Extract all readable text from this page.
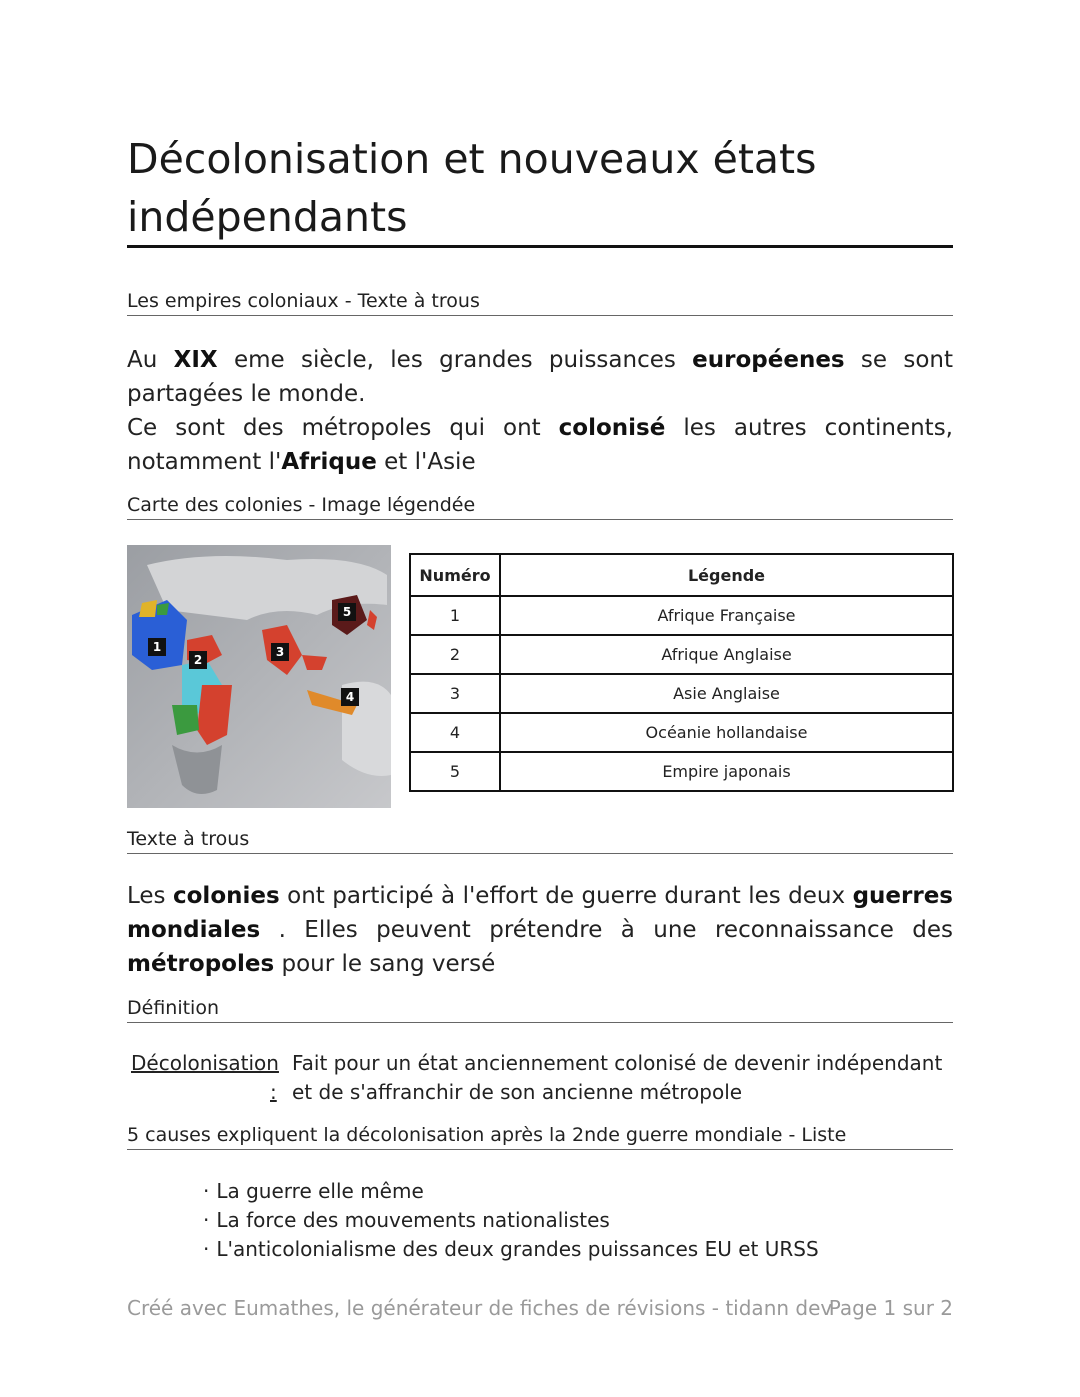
Décolonisation et nouveaux états indépendants
Les empires coloniaux - Texte à trous
Au XIX eme siècle, les grandes puissances européenes se sont partagées le monde.
Ce sont des métropoles qui ont colonisé les autres continents, notamment l'Afrique et l'Asie
Carte des colonies - Image légendée
1
2
3
4
5
Numéro	Légende
1	Afrique Française
2	Afrique Anglaise
3	Asie Anglaise
4	Océanie hollandaise
5	Empire japonais
Texte à trous
Les colonies ont participé à l'effort de guerre durant les deux guerres mondiales . Elles peuvent prétendre à une reconnaissance des métropoles pour le sang versé
Définition
Décolonisation
:
Fait pour un état anciennement colonisé de devenir indépendant et de s'affranchir de son ancienne métropole
5 causes expliquent la décolonisation après la 2nde guerre mondiale - Liste
· La guerre elle même
· La force des mouvements nationalistes
· L'anticolonialisme des deux grandes puissances EU et URSS
Créé avec Eumathes, le générateur de fiches de révisions - tidann dev
Page 1 sur 2
